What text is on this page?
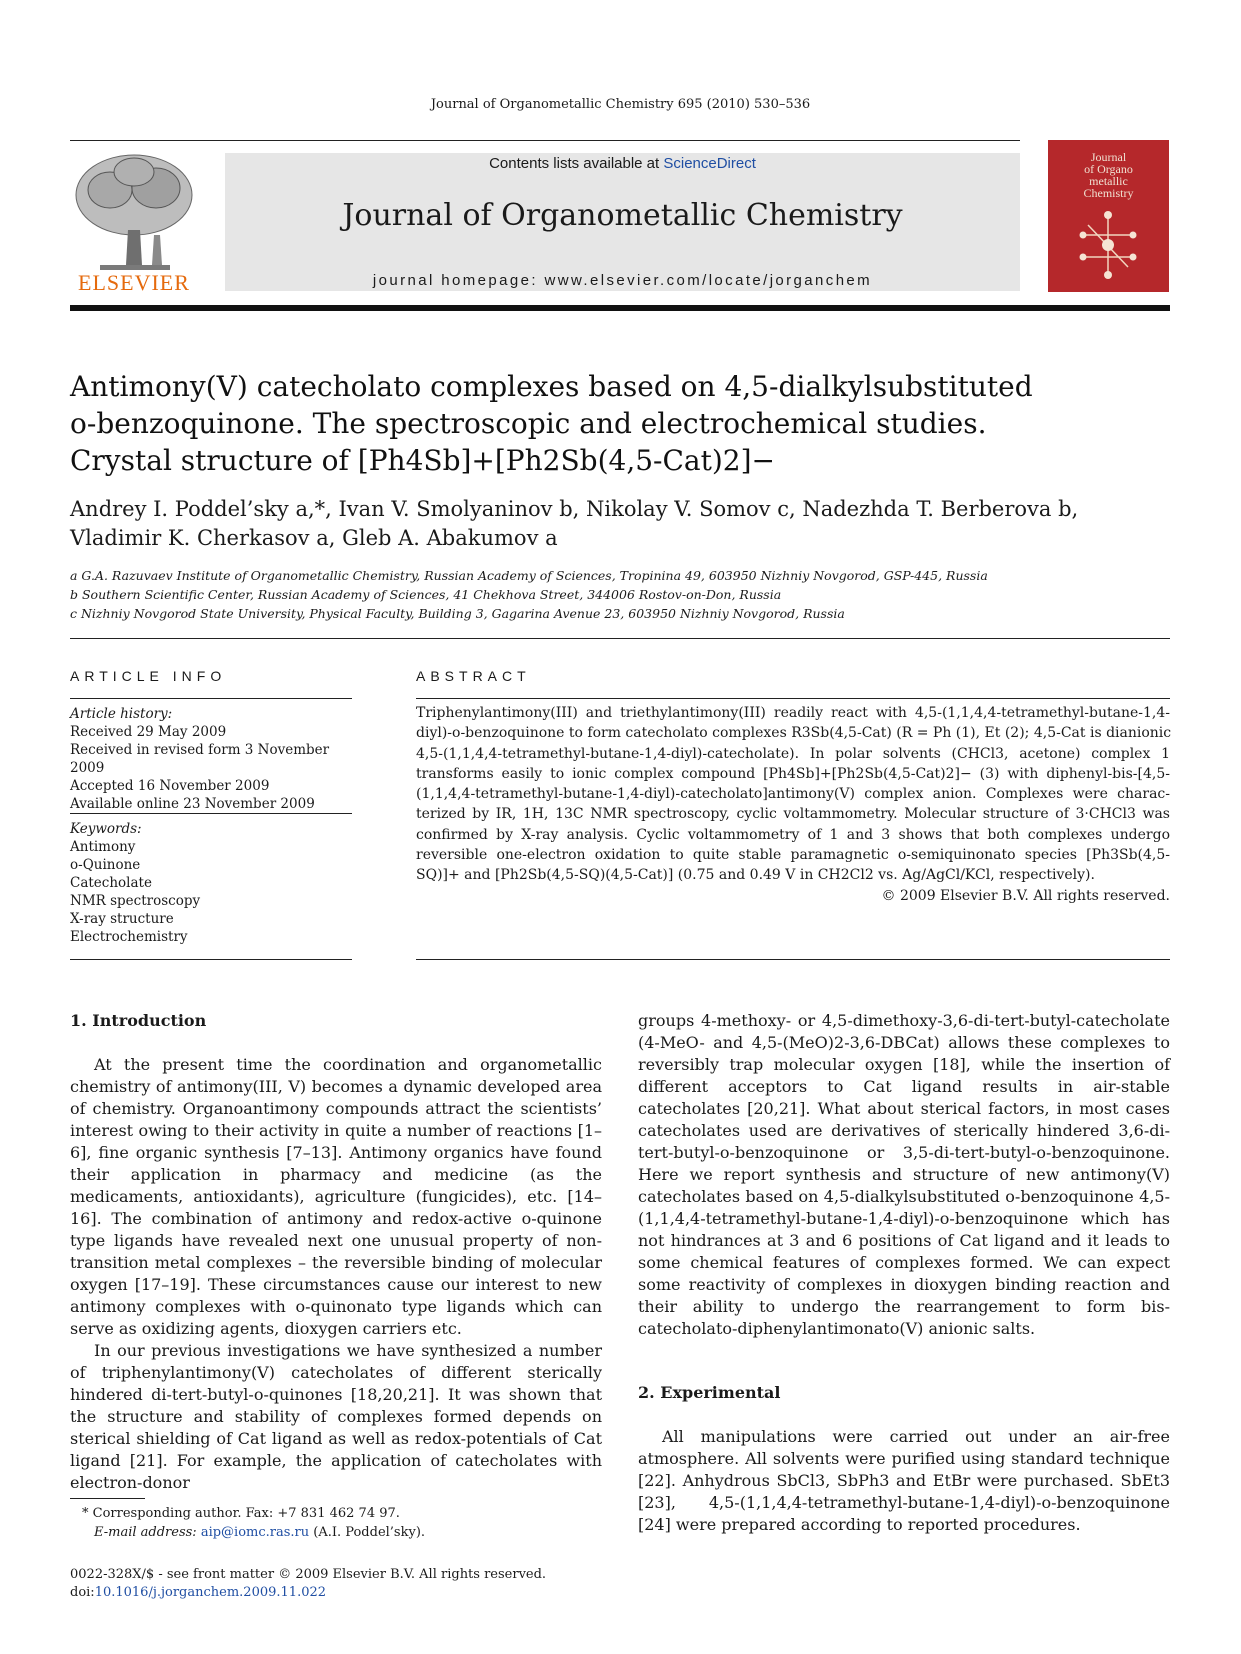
Journal of Organometallic Chemistry 695 (2010) 530–536
ELSEVIER
Contents lists available at ScienceDirect
Journal of Organometallic Chemistry
journal homepage: www.elsevier.com/locate/jorganchem
Journal
of Organo
metallic
Chemistry
Antimony(V) catecholato complexes based on 4,5-dialkylsubstituted
o-benzoquinone. The spectroscopic and electrochemical studies.
Crystal structure of [Ph4Sb]+[Ph2Sb(4,5-Cat)2]−
Andrey I. Poddel’sky a,*, Ivan V. Smolyaninov b, Nikolay V. Somov c, Nadezhda T. Berberova b,
Vladimir K. Cherkasov a, Gleb A. Abakumov a
a G.A. Razuvaev Institute of Organometallic Chemistry, Russian Academy of Sciences, Tropinina 49, 603950 Nizhniy Novgorod, GSP-445, Russia
b Southern Scientific Center, Russian Academy of Sciences, 41 Chekhova Street, 344006 Rostov-on-Don, Russia
c Nizhniy Novgorod State University, Physical Faculty, Building 3, Gagarina Avenue 23, 603950 Nizhniy Novgorod, Russia
ARTICLE INFO
Article history:
Received 29 May 2009
Received in revised form 3 November 2009
Accepted 16 November 2009
Available online 23 November 2009
Keywords:
Antimony
o-Quinone
Catecholate
NMR spectroscopy
X-ray structure
Electrochemistry
ABSTRACT
Triphenylantimony(III) and triethylantimony(III) readily react with 4,5-(1,1,4,4-tetramethyl-butane-1,4-
diyl)-o-benzoquinone to form catecholato complexes R3Sb(4,5-Cat) (R = Ph (1), Et (2); 4,5-Cat is dianionic
4,5-(1,1,4,4-tetramethyl-butane-1,4-diyl)-catecholate). In polar solvents (CHCl3, acetone) complex 1
transforms easily to ionic complex compound [Ph4Sb]+[Ph2Sb(4,5-Cat)2]− (3) with diphenyl-bis-[4,5-
(1,1,4,4-tetramethyl-butane-1,4-diyl)-catecholato]antimony(V) complex anion. Complexes were charac-
terized by IR, 1H, 13C NMR spectroscopy, cyclic voltammometry. Molecular structure of 3·CHCl3 was
confirmed by X-ray analysis. Cyclic voltammometry of 1 and 3 shows that both complexes undergo
reversible one-electron oxidation to quite stable paramagnetic o-semiquinonato species [Ph3Sb(4,5-
SQ)]+ and [Ph2Sb(4,5-SQ)(4,5-Cat)] (0.75 and 0.49 V in CH2Cl2 vs. Ag/AgCl/KCl, respectively).
© 2009 Elsevier B.V. All rights reserved.
1. Introduction

At the present time the coordination and organometallic chemistry of antimony(III, V) becomes a dynamic developed area of chemistry. Organoantimony compounds attract the scientists’ interest owing to their activity in quite a number of reactions [1–6], fine organic synthesis [7–13]. Antimony organics have found their application in pharmacy and medicine (as the medicaments, antioxidants), agriculture (fungicides), etc. [14–16]. The combination of antimony and redox-active o-quinone type ligands have revealed next one unusual property of non-transition metal complexes – the reversible binding of molecular oxygen [17–19]. These circumstances cause our interest to new antimony complexes with o-quinonato type ligands which can serve as oxidizing agents, dioxygen carriers etc.

In our previous investigations we have synthesized a number of triphenylantimony(V) catecholates of different sterically hindered di-tert-butyl-o-quinones [18,20,21]. It was shown that the structure and stability of complexes formed depends on sterical shielding of Cat ligand as well as redox-potentials of Cat ligand [21]. For example, the application of catecholates with electron-donor

groups 4-methoxy- or 4,5-dimethoxy-3,6-di-tert-butyl-catecholate (4-MeO- and 4,5-(MeO)2-3,6-DBCat) allows these complexes to reversibly trap molecular oxygen [18], while the insertion of different acceptors to Cat ligand results in air-stable catecholates [20,21]. What about sterical factors, in most cases catecholates used are derivatives of sterically hindered 3,6-di-tert-butyl-o-benzoquinone or 3,5-di-tert-butyl-o-benzoquinone. Here we report synthesis and structure of new antimony(V) catecholates based on 4,5-dialkylsubstituted o-benzoquinone 4,5-(1,1,4,4-tetramethyl-butane-1,4-diyl)-o-benzoquinone which has not hindrances at 3 and 6 positions of Cat ligand and it leads to some chemical features of complexes formed. We can expect some reactivity of complexes in dioxygen binding reaction and their ability to undergo the rearrangement to form bis-catecholato-diphenylantimonato(V) anionic salts.

2. Experimental

All manipulations were carried out under an air-free atmosphere. All solvents were purified using standard technique [22]. Anhydrous SbCl3, SbPh3 and EtBr were purchased. SbEt3 [23], 4,5-(1,1,4,4-tetramethyl-butane-1,4-diyl)-o-benzoquinone [24] were prepared according to reported procedures.

* Corresponding author. Fax: +7 831 462 74 97.
E-mail address: aip@iomc.ras.ru (A.I. Poddel’sky).
0022-328X/$ - see front matter © 2009 Elsevier B.V. All rights reserved.
doi:10.1016/j.jorganchem.2009.11.022
